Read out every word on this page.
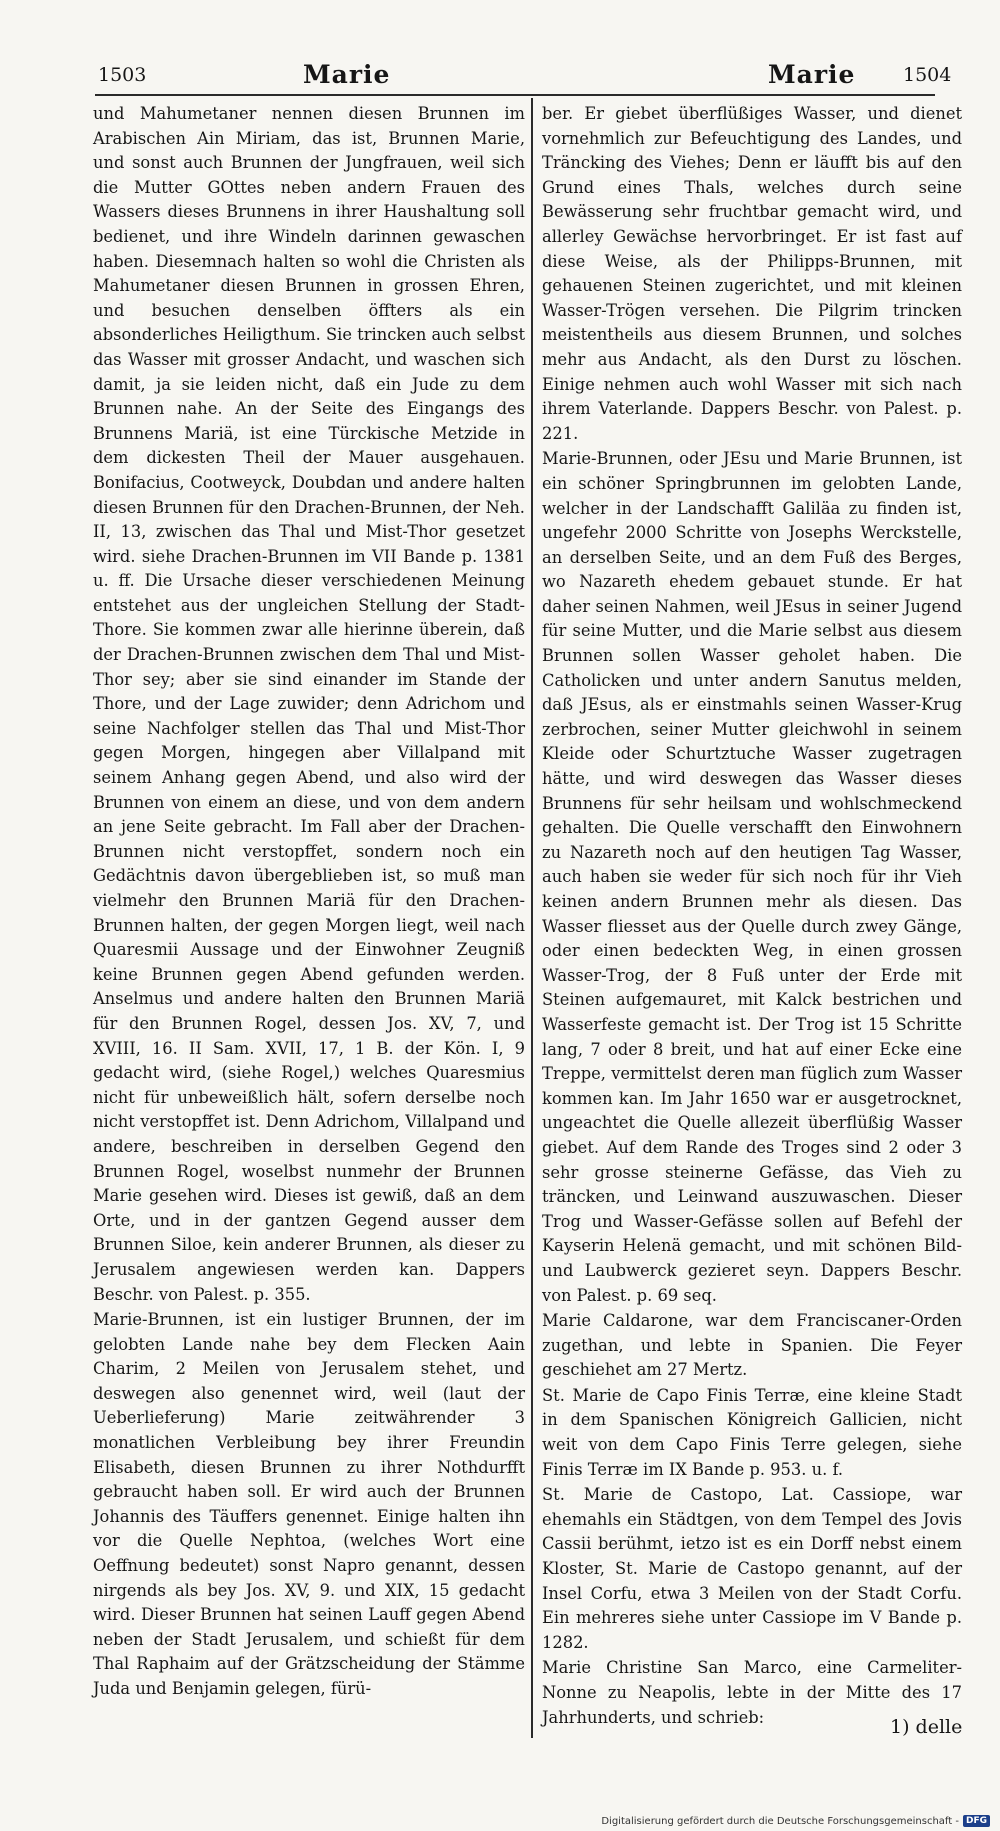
1503	Marie	Marie	1504

und Mahumetaner nennen diesen Brunnen im Arabischen Ain Miriam, das ist, Brunnen Marie, und sonst auch Brunnen der Jungfrauen, weil sich die Mutter GOttes neben andern Frauen des Wassers dieses Brunnens in ihrer Haushaltung soll bedienet, und ihre Windeln darinnen gewaschen haben. Diesemnach halten so wohl die Christen als Mahumetaner diesen Brunnen in grossen Ehren, und besuchen denselben öffters als ein absonderliches Heiligthum. Sie trincken auch selbst das Wasser mit grosser Andacht, und waschen sich damit, ja sie leiden nicht, daß ein Jude zu dem Brunnen nahe. An der Seite des Eingangs des Brunnens Mariä, ist eine Türckische Metzide in dem dickesten Theil der Mauer ausgehauen. Bonifacius, Cootweyck, Doubdan und andere halten diesen Brunnen für den Drachen-Brunnen, der Neh. II, 13, zwischen das Thal und Mist-Thor gesetzet wird. siehe Drachen-Brunnen im VII Bande p. 1381 u. ff. Die Ursache dieser verschiedenen Meinung entstehet aus der ungleichen Stellung der Stadt-Thore. Sie kommen zwar alle hierinne überein, daß der Drachen-Brunnen zwischen dem Thal und Mist-Thor sey; aber sie sind einander im Stande der Thore, und der Lage zuwider; denn Adrichom und seine Nachfolger stellen das Thal und Mist-Thor gegen Morgen, hingegen aber Villalpand mit seinem Anhang gegen Abend, und also wird der Brunnen von einem an diese, und von dem andern an jene Seite gebracht. Im Fall aber der Drachen-Brunnen nicht verstopffet, sondern noch ein Gedächtnis davon übergeblieben ist, so muß man vielmehr den Brunnen Mariä für den Drachen-Brunnen halten, der gegen Morgen liegt, weil nach Quaresmii Aussage und der Einwohner Zeugniß keine Brunnen gegen Abend gefunden werden. Anselmus und andere halten den Brunnen Mariä für den Brunnen Rogel, dessen Jos. XV, 7, und XVIII, 16. II Sam. XVII, 17, 1 B. der Kön. I, 9 gedacht wird, (siehe Rogel,) welches Quaresmius nicht für unbeweißlich hält, sofern derselbe noch nicht verstopffet ist. Denn Adrichom, Villalpand und andere, beschreiben in derselben Gegend den Brunnen Rogel, woselbst nunmehr der Brunnen Marie gesehen wird. Dieses ist gewiß, daß an dem Orte, und in der gantzen Gegend ausser dem Brunnen Siloe, kein anderer Brunnen, als dieser zu Jerusalem angewiesen werden kan. Dappers Beschr. von Palest. p. 355.

Marie-Brunnen, ist ein lustiger Brunnen, der im gelobten Lande nahe bey dem Flecken Aain Charim, 2 Meilen von Jerusalem stehet, und deswegen also genennet wird, weil (laut der Ueberlieferung) Marie zeitwährender 3 monatlichen Verbleibung bey ihrer Freundin Elisabeth, diesen Brunnen zu ihrer Nothdurfft gebraucht haben soll. Er wird auch der Brunnen Johannis des Täuffers genennet. Einige halten ihn vor die Quelle Nephtoa, (welches Wort eine Oeffnung bedeutet) sonst Napro genannt, dessen nirgends als bey Jos. XV, 9. und XIX, 15 gedacht wird. Dieser Brunnen hat seinen Lauff gegen Abend neben der Stadt Jerusalem, und schießt für dem Thal Raphaim auf der Grätzscheidung der Stämme Juda und Benjamin gelegen, fürü-

ber. Er giebet überflüßiges Wasser, und dienet vornehmlich zur Befeuchtigung des Landes, und Träncking des Viehes; Denn er läufft bis auf den Grund eines Thals, welches durch seine Bewässerung sehr fruchtbar gemacht wird, und allerley Gewächse hervorbringet. Er ist fast auf diese Weise, als der Philipps-Brunnen, mit gehauenen Steinen zugerichtet, und mit kleinen Wasser-Trögen versehen. Die Pilgrim trincken meistentheils aus diesem Brunnen, und solches mehr aus Andacht, als den Durst zu löschen. Einige nehmen auch wohl Wasser mit sich nach ihrem Vaterlande. Dappers Beschr. von Palest. p. 221.

Marie-Brunnen, oder JEsu und Marie Brunnen, ist ein schöner Springbrunnen im gelobten Lande, welcher in der Landschafft Galiläa zu finden ist, ungefehr 2000 Schritte von Josephs Werckstelle, an derselben Seite, und an dem Fuß des Berges, wo Nazareth ehedem gebauet stunde. Er hat daher seinen Nahmen, weil JEsus in seiner Jugend für seine Mutter, und die Marie selbst aus diesem Brunnen sollen Wasser geholet haben. Die Catholicken und unter andern Sanutus melden, daß JEsus, als er einstmahls seinen Wasser-Krug zerbrochen, seiner Mutter gleichwohl in seinem Kleide oder Schurtztuche Wasser zugetragen hätte, und wird deswegen das Wasser dieses Brunnens für sehr heilsam und wohlschmeckend gehalten. Die Quelle verschafft den Einwohnern zu Nazareth noch auf den heutigen Tag Wasser, auch haben sie weder für sich noch für ihr Vieh keinen andern Brunnen mehr als diesen. Das Wasser fliesset aus der Quelle durch zwey Gänge, oder einen bedeckten Weg, in einen grossen Wasser-Trog, der 8 Fuß unter der Erde mit Steinen aufgemauret, mit Kalck bestrichen und Wasserfeste gemacht ist. Der Trog ist 15 Schritte lang, 7 oder 8 breit, und hat auf einer Ecke eine Treppe, vermittelst deren man füglich zum Wasser kommen kan. Im Jahr 1650 war er ausgetrocknet, ungeachtet die Quelle allezeit überflüßig Wasser giebet. Auf dem Rande des Troges sind 2 oder 3 sehr grosse steinerne Gefässe, das Vieh zu träncken, und Leinwand auszuwaschen. Dieser Trog und Wasser-Gefässe sollen auf Befehl der Kayserin Helenä gemacht, und mit schönen Bild- und Laubwerck gezieret seyn. Dappers Beschr. von Palest. p. 69 seq.

Marie Caldarone, war dem Franciscaner-Orden zugethan, und lebte in Spanien. Die Feyer geschiehet am 27 Mertz.

St. Marie de Capo Finis Terræ, eine kleine Stadt in dem Spanischen Königreich Gallicien, nicht weit von dem Capo Finis Terre gelegen, siehe Finis Terræ im IX Bande p. 953. u. f.

St. Marie de Castopo, Lat. Cassiope, war ehemahls ein Städtgen, von dem Tempel des Jovis Cassii berühmt, ietzo ist es ein Dorff nebst einem Kloster, St. Marie de Castopo genannt, auf der Insel Corfu, etwa 3 Meilen von der Stadt Corfu. Ein mehreres siehe unter Cassiope im V Bande p. 1282.

Marie Christine San Marco, eine Carmeliter-Nonne zu Neapolis, lebte in der Mitte des 17 Jahrhunderts, und schrieb:	1) delle
Digitalisierung gefördert durch die Deutsche Forschungsgemeinschaft - DFG
